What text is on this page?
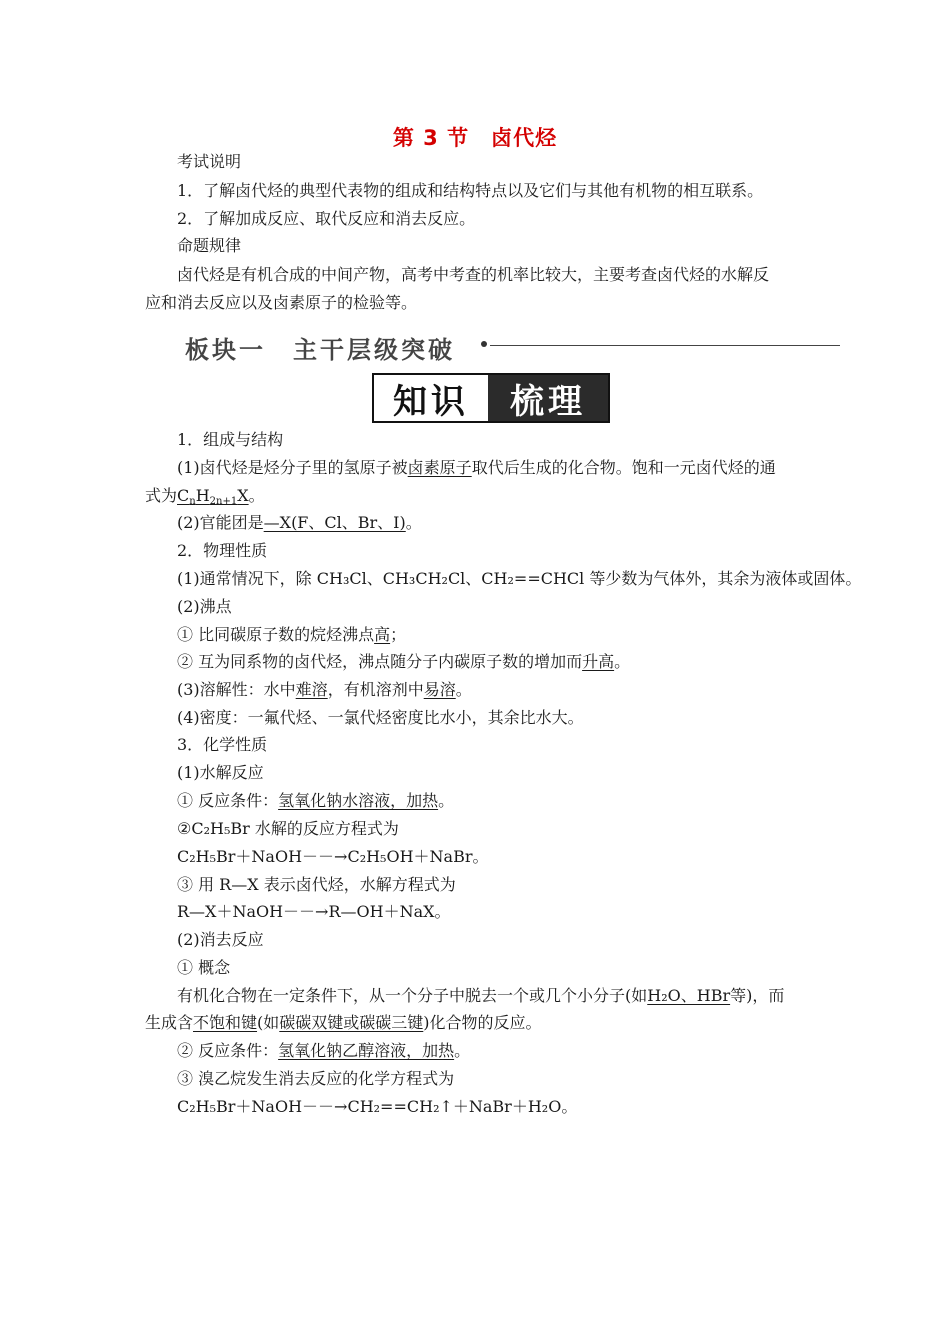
第 3 节　卤代烃
考试说明
1．了解卤代烃的典型代表物的组成和结构特点以及它们与其他有机物的相互联系。
2．了解加成反应、取代反应和消去反应。
命题规律
卤代烃是有机合成的中间产物，高考中考查的机率比较大，主要考查卤代烃的水解反
应和消去反应以及卤素原子的检验等。
板块一　主干层级突破
知识	梳理
1．组成与结构
(1)卤代烃是烃分子里的氢原子被卤素原子取代后生成的化合物。饱和一元卤代烃的通
式为$C_nH_{2n+1}X$。
(2)官能团是—X(F、Cl、Br、I)。
2．物理性质
(1)通常情况下，除 CH₃Cl、CH₃CH₂Cl、CH₂==CHCl 等少数为气体外，其余为液体或固体。
(2)沸点
① 比同碳原子数的烷烃沸点高；
② 互为同系物的卤代烃，沸点随分子内碳原子数的增加而升高。
(3)溶解性：水中难溶，有机溶剂中易溶。
(4)密度：一氟代烃、一氯代烃密度比水小，其余比水大。
3．化学性质
(1)水解反应
① 反应条件：氢氧化钠水溶液，加热。
②C₂H₅Br 水解的反应方程式为
C₂H₅Br＋NaOH－－→C₂H₅OH＋NaBr。
③ 用 R—X 表示卤代烃，水解方程式为
R—X＋NaOH－－→R—OH＋NaX。
(2)消去反应
① 概念
有机化合物在一定条件下，从一个分子中脱去一个或几个小分子(如H₂O、HBr等)，而
生成含不饱和键(如碳碳双键或碳碳三键)化合物的反应。
② 反应条件：氢氧化钠乙醇溶液，加热。
③ 溴乙烷发生消去反应的化学方程式为
C₂H₅Br＋NaOH－－→CH₂==CH₂↑＋NaBr＋H₂O。
